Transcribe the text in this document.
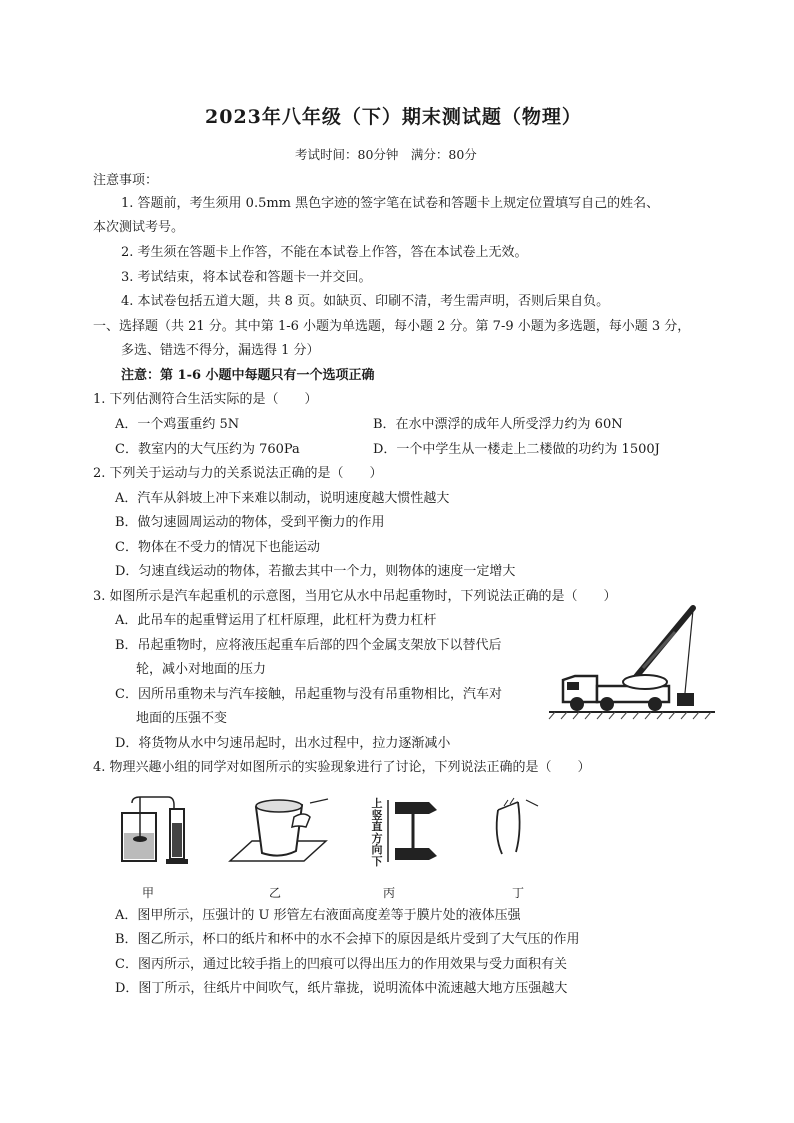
2023年八年级（下）期末测试题（物理）
考试时间：80分钟　满分：80分
注意事项：
1. 答题前，考生须用 0.5mm 黑色字迹的签字笔在试卷和答题卡上规定位置填写自己的姓名、
本次测试考号。
2. 考生须在答题卡上作答，不能在本试卷上作答，答在本试卷上无效。
3. 考试结束，将本试卷和答题卡一并交回。
4. 本试卷包括五道大题，共 8 页。如缺页、印刷不清，考生需声明，否则后果自负。
一、选择题（共 21 分。其中第 1-6 小题为单选题，每小题 2 分。第 7-9 小题为多选题，每小题 3 分，
多选、错选不得分，漏选得 1 分）
注意：第 1-6 小题中每题只有一个选项正确
1. 下列估测符合生活实际的是（　　）
A．一个鸡蛋重约 5N	B．在水中漂浮的成年人所受浮力约为 60N
C．教室内的大气压约为 760Pa	D．一个中学生从一楼走上二楼做的功约为 1500J
2. 下列关于运动与力的关系说法正确的是（　　）
A．汽车从斜坡上冲下来难以制动，说明速度越大惯性越大
B．做匀速圆周运动的物体，受到平衡力的作用
C．物体在不受力的情况下也能运动
D．匀速直线运动的物体，若撤去其中一个力，则物体的速度一定增大
3. 如图所示是汽车起重机的示意图，当用它从水中吊起重物时，下列说法正确的是（　　）
A．此吊车的起重臂运用了杠杆原理，此杠杆为费力杠杆
B．吊起重物时，应将液压起重车后部的四个金属支架放下以替代后
轮，减小对地面的压力
C．因所吊重物未与汽车接触，吊起重物与没有吊重物相比，汽车对
地面的压强不变
D．将货物从水中匀速吊起时，出水过程中，拉力逐渐减小
4. 物理兴趣小组的同学对如图所示的实验现象进行了讨论，下列说法正确的是（　　）
上
竖
直
方
向
下
甲	乙	丙	丁
A．图甲所示，压强计的 U 形管左右液面高度差等于膜片处的液体压强
B．图乙所示，杯口的纸片和杯中的水不会掉下的原因是纸片受到了大气压的作用
C．图丙所示，通过比较手指上的凹痕可以得出压力的作用效果与受力面积有关
D．图丁所示，往纸片中间吹气，纸片靠拢，说明流体中流速越大地方压强越大
